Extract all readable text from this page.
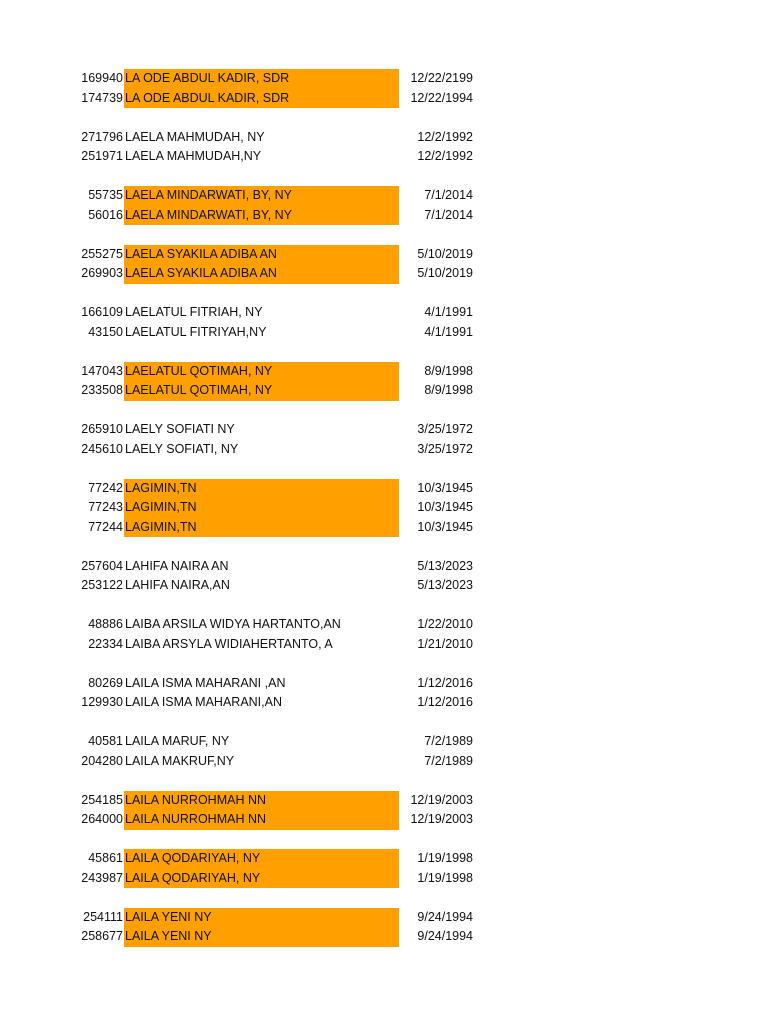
169940 LA ODE ABDUL KADIR, SDR	12/22/2199
174739 LA ODE ABDUL KADIR, SDR	12/22/1994
271796 LAELA MAHMUDAH, NY	12/2/1992
251971 LAELA MAHMUDAH,NY	12/2/1992
55735 LAELA MINDARWATI, BY, NY	7/1/2014
56016 LAELA MINDARWATI, BY, NY	7/1/2014
255275 LAELA SYAKILA ADIBA AN	5/10/2019
269903 LAELA SYAKILA ADIBA AN	5/10/2019
166109 LAELATUL FITRIAH, NY	4/1/1991
43150 LAELATUL FITRIYAH,NY	4/1/1991
147043 LAELATUL QOTIMAH, NY	8/9/1998
233508 LAELATUL QOTIMAH, NY	8/9/1998
265910 LAELY SOFIATI NY	3/25/1972
245610 LAELY SOFIATI, NY	3/25/1972
77242 LAGIMIN,TN	10/3/1945
77243 LAGIMIN,TN	10/3/1945
77244 LAGIMIN,TN	10/3/1945
257604 LAHIFA NAIRA AN	5/13/2023
253122 LAHIFA NAIRA,AN	5/13/2023
48886 LAIBA ARSILA WIDYA HARTANTO,AN	1/22/2010
22334 LAIBA ARSYLA WIDIAHERTANTO, A	1/21/2010
80269 LAILA ISMA MAHARANI ,AN	1/12/2016
129930 LAILA ISMA MAHARANI,AN	1/12/2016
40581 LAILA MARUF, NY	7/2/1989
204280 LAILA MAKRUF,NY	7/2/1989
254185 LAILA NURROHMAH NN	12/19/2003
264000 LAILA NURROHMAH NN	12/19/2003
45861 LAILA QODARIYAH, NY	1/19/1998
243987 LAILA QODARIYAH, NY	1/19/1998
254111 LAILA YENI NY	9/24/1994
258677 LAILA YENI NY	9/24/1994
